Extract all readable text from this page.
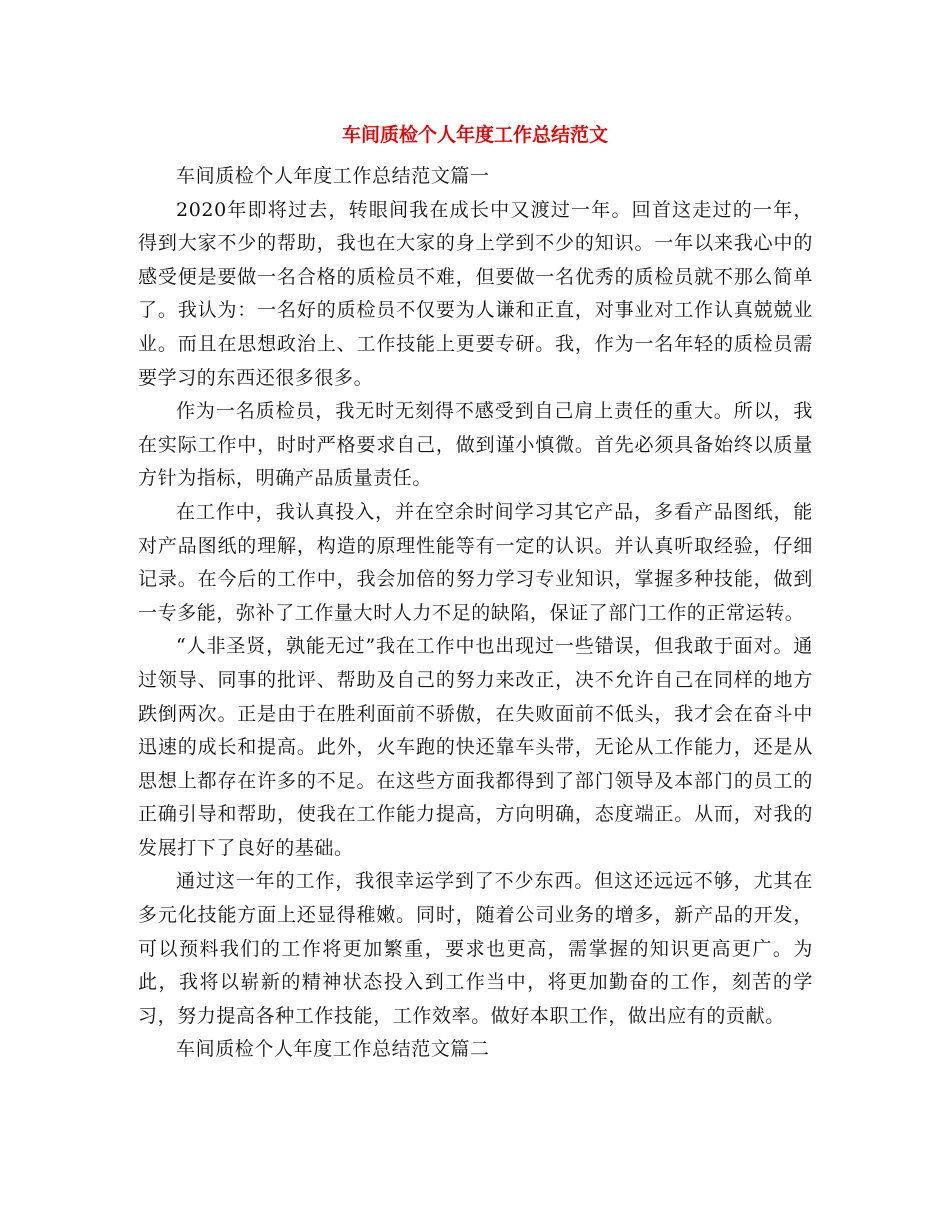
车间质检个人年度工作总结范文

车间质检个人年度工作总结范文篇一

2020年即将过去，转眼间我在成长中又渡过一年。回首这走过的一年，得到大家不少的帮助，我也在大家的身上学到不少的知识。一年以来我心中的感受便是要做一名合格的质检员不难，但要做一名优秀的质检员就不那么简单了。我认为：一名好的质检员不仅要为人谦和正直，对事业对工作认真兢兢业业。而且在思想政治上、工作技能上更要专研。我，作为一名年轻的质检员需要学习的东西还很多很多。

作为一名质检员，我无时无刻得不感受到自己肩上责任的重大。所以，我在实际工作中，时时严格要求自己，做到谨小慎微。首先必须具备始终以质量方针为指标，明确产品质量责任。

在工作中，我认真投入，并在空余时间学习其它产品，多看产品图纸，能对产品图纸的理解，构造的原理性能等有一定的认识。并认真听取经验，仔细记录。在今后的工作中，我会加倍的努力学习专业知识，掌握多种技能，做到一专多能，弥补了工作量大时人力不足的缺陷，保证了部门工作的正常运转。

“人非圣贤，孰能无过”我在工作中也出现过一些错误，但我敢于面对。通过领导、同事的批评、帮助及自己的努力来改正，决不允许自己在同样的地方跌倒两次。正是由于在胜利面前不骄傲，在失败面前不低头，我才会在奋斗中迅速的成长和提高。此外，火车跑的快还靠车头带，无论从工作能力，还是从思想上都存在许多的不足。在这些方面我都得到了部门领导及本部门的员工的正确引导和帮助，使我在工作能力提高，方向明确，态度端正。从而，对我的发展打下了良好的基础。

通过这一年的工作，我很幸运学到了不少东西。但这还远远不够，尤其在多元化技能方面上还显得稚嫩。同时，随着公司业务的增多，新产品的开发，可以预料我们的工作将更加繁重，要求也更高，需掌握的知识更高更广。为此，我将以崭新的精神状态投入到工作当中，将更加勤奋的工作，刻苦的学习，努力提高各种工作技能，工作效率。做好本职工作，做出应有的贡献。

车间质检个人年度工作总结范文篇二
